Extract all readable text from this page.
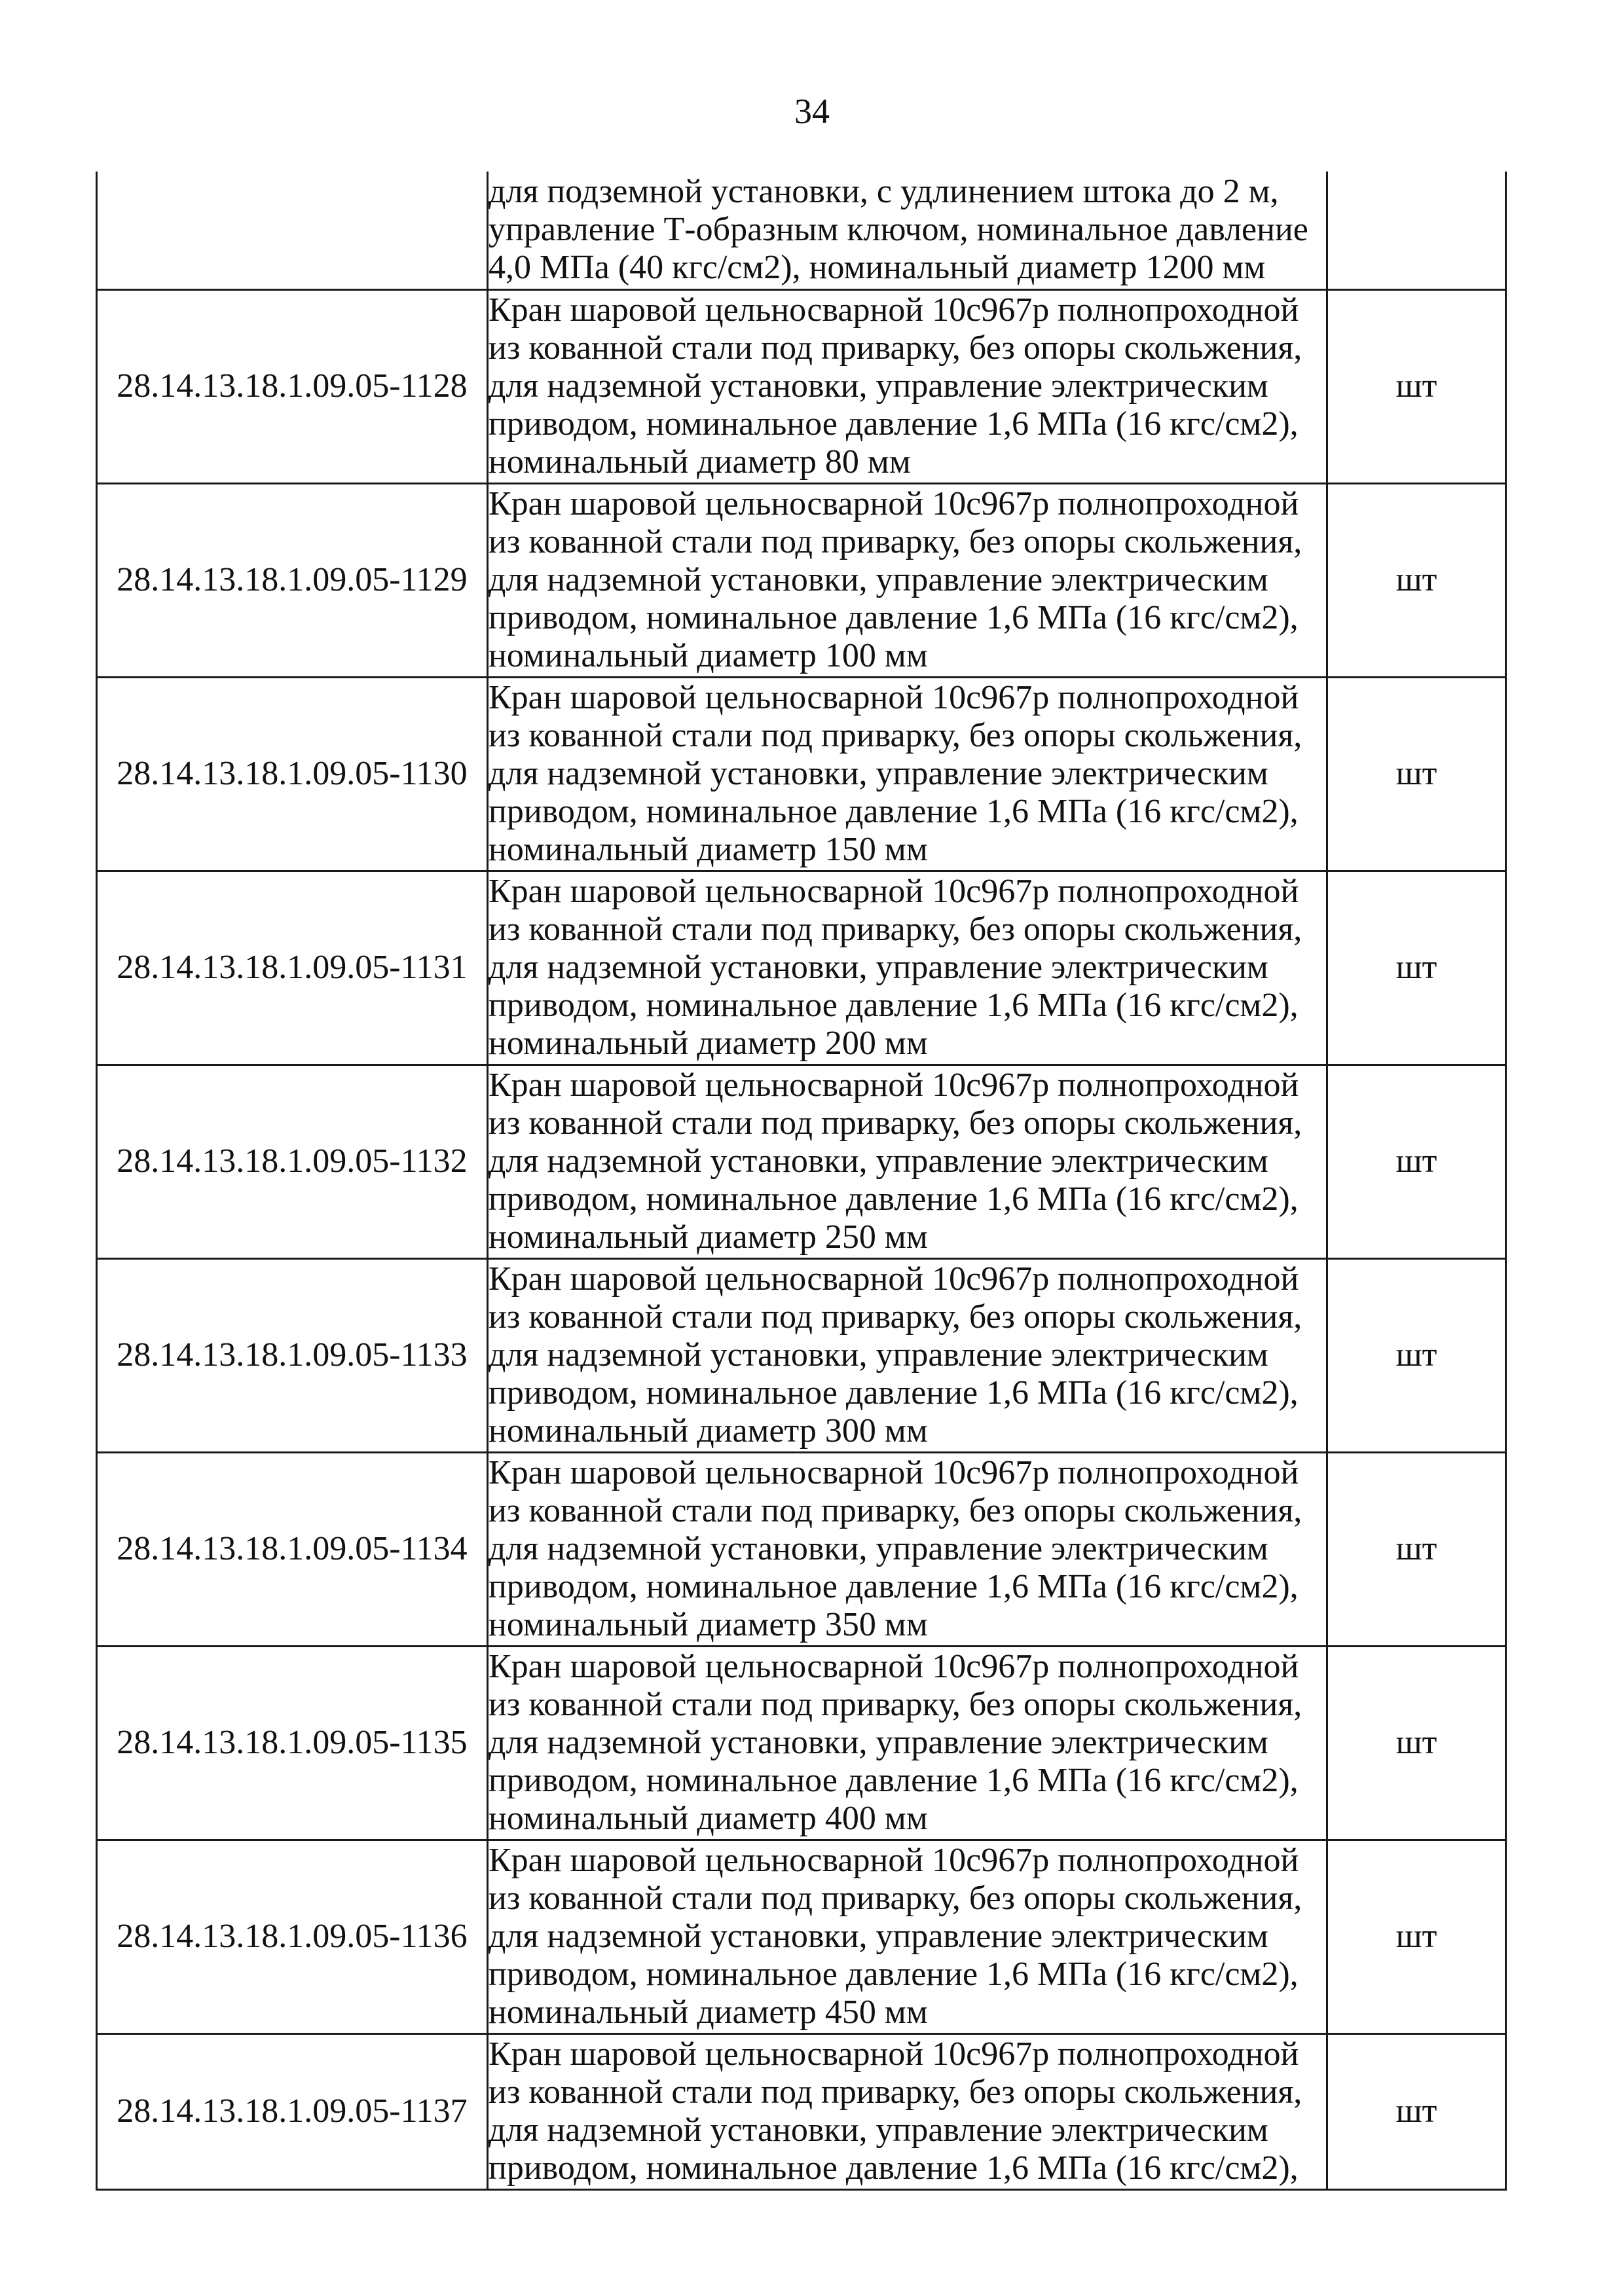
34

	для подземной установки, с удлинением штока до 2 м,
управление Т-образным ключом, номинальное давление
4,0 МПа (40 кгс/см2), номинальный диаметр 1200 мм	

28.14.13.18.1.09.05-1128	Кран шаровой цельносварной 10с967р полнопроходной
из кованной стали под приварку, без опоры скольжения,
для надземной установки, управление электрическим
приводом, номинальное давление 1,6 МПа (16 кгс/см2),
номинальный диаметр 80 мм	шт
28.14.13.18.1.09.05-1129	Кран шаровой цельносварной 10с967р полнопроходной
из кованной стали под приварку, без опоры скольжения,
для надземной установки, управление электрическим
приводом, номинальное давление 1,6 МПа (16 кгс/см2),
номинальный диаметр 100 мм	шт
28.14.13.18.1.09.05-1130	Кран шаровой цельносварной 10с967р полнопроходной
из кованной стали под приварку, без опоры скольжения,
для надземной установки, управление электрическим
приводом, номинальное давление 1,6 МПа (16 кгс/см2),
номинальный диаметр 150 мм	шт
28.14.13.18.1.09.05-1131	Кран шаровой цельносварной 10с967р полнопроходной
из кованной стали под приварку, без опоры скольжения,
для надземной установки, управление электрическим
приводом, номинальное давление 1,6 МПа (16 кгс/см2),
номинальный диаметр 200 мм	шт
28.14.13.18.1.09.05-1132	Кран шаровой цельносварной 10с967р полнопроходной
из кованной стали под приварку, без опоры скольжения,
для надземной установки, управление электрическим
приводом, номинальное давление 1,6 МПа (16 кгс/см2),
номинальный диаметр 250 мм	шт
28.14.13.18.1.09.05-1133	Кран шаровой цельносварной 10с967р полнопроходной
из кованной стали под приварку, без опоры скольжения,
для надземной установки, управление электрическим
приводом, номинальное давление 1,6 МПа (16 кгс/см2),
номинальный диаметр 300 мм	шт
28.14.13.18.1.09.05-1134	Кран шаровой цельносварной 10с967р полнопроходной
из кованной стали под приварку, без опоры скольжения,
для надземной установки, управление электрическим
приводом, номинальное давление 1,6 МПа (16 кгс/см2),
номинальный диаметр 350 мм	шт
28.14.13.18.1.09.05-1135	Кран шаровой цельносварной 10с967р полнопроходной
из кованной стали под приварку, без опоры скольжения,
для надземной установки, управление электрическим
приводом, номинальное давление 1,6 МПа (16 кгс/см2),
номинальный диаметр 400 мм	шт
28.14.13.18.1.09.05-1136	Кран шаровой цельносварной 10с967р полнопроходной
из кованной стали под приварку, без опоры скольжения,
для надземной установки, управление электрическим
приводом, номинальное давление 1,6 МПа (16 кгс/см2),
номинальный диаметр 450 мм	шт
28.14.13.18.1.09.05-1137	Кран шаровой цельносварной 10с967р полнопроходной
из кованной стали под приварку, без опоры скольжения,
для надземной установки, управление электрическим
приводом, номинальное давление 1,6 МПа (16 кгс/см2),	шт
